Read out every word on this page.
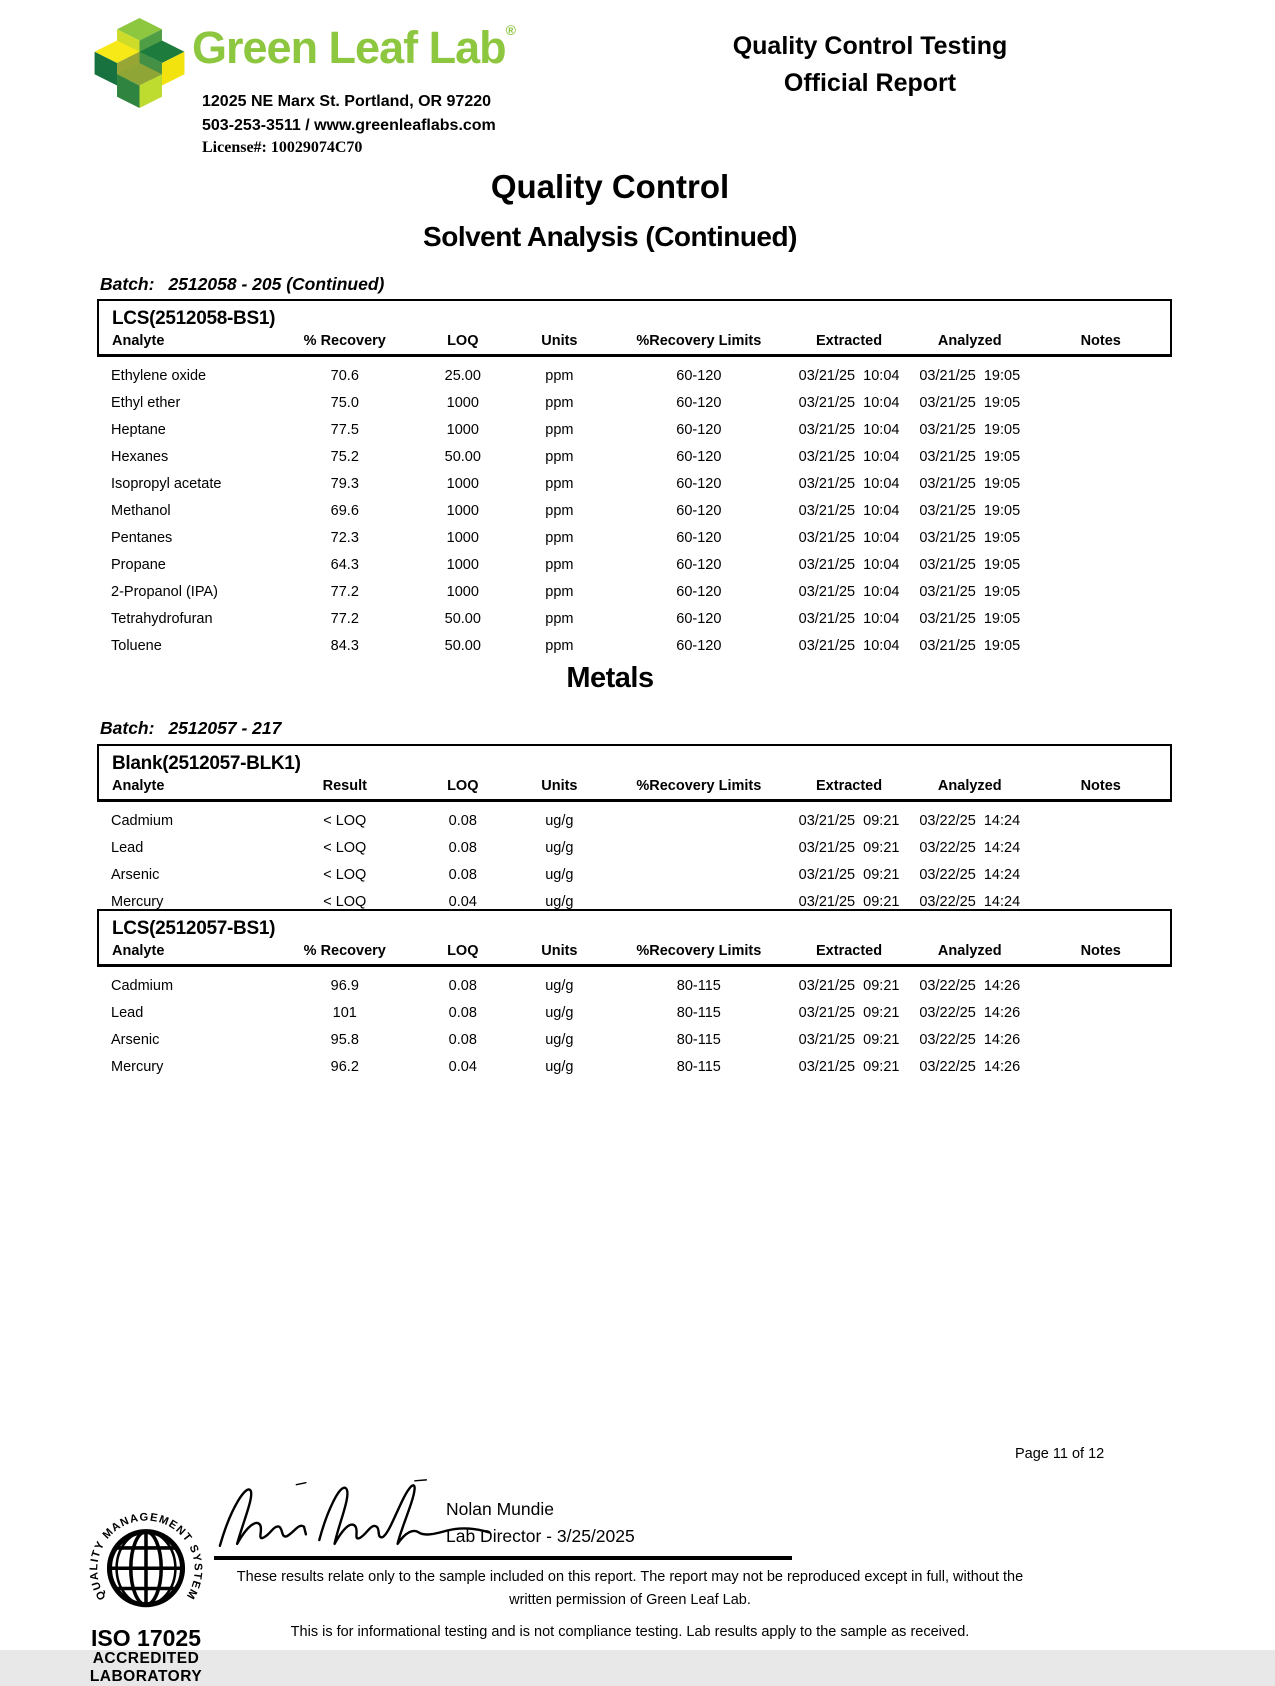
Green Leaf Lab®
12025 NE Marx St. Portland, OR 97220
503-253-3511 / www.greenleaflabs.com
License#: 10029074C70
Quality Control Testing
Official Report
Quality Control
Solvent Analysis (Continued)
Batch: 2512058 - 205 (Continued)
LCS(2512058-BS1)							
Analyte	% Recovery	LOQ	Units	%Recovery Limits	Extracted	Analyzed	Notes
Ethylene oxide	70.6	25.00	ppm	60-120	03/21/25  10:04	03/21/25  19:05	
Ethyl ether	75.0	1000	ppm	60-120	03/21/25  10:04	03/21/25  19:05	
Heptane	77.5	1000	ppm	60-120	03/21/25  10:04	03/21/25  19:05	
Hexanes	75.2	50.00	ppm	60-120	03/21/25  10:04	03/21/25  19:05	
Isopropyl acetate	79.3	1000	ppm	60-120	03/21/25  10:04	03/21/25  19:05	
Methanol	69.6	1000	ppm	60-120	03/21/25  10:04	03/21/25  19:05	
Pentanes	72.3	1000	ppm	60-120	03/21/25  10:04	03/21/25  19:05	
Propane	64.3	1000	ppm	60-120	03/21/25  10:04	03/21/25  19:05	
2-Propanol (IPA)	77.2	1000	ppm	60-120	03/21/25  10:04	03/21/25  19:05	
Tetrahydrofuran	77.2	50.00	ppm	60-120	03/21/25  10:04	03/21/25  19:05	
Toluene	84.3	50.00	ppm	60-120	03/21/25  10:04	03/21/25  19:05	
Metals
Batch: 2512057 - 217
Blank(2512057-BLK1)							
Analyte	Result	LOQ	Units	%Recovery Limits	Extracted	Analyzed	Notes
Cadmium	< LOQ	0.08	ug/g		03/21/25  09:21	03/22/25  14:24	
Lead	< LOQ	0.08	ug/g		03/21/25  09:21	03/22/25  14:24	
Arsenic	< LOQ	0.08	ug/g		03/21/25  09:21	03/22/25  14:24	
Mercury	< LOQ	0.04	ug/g		03/21/25  09:21	03/22/25  14:24	
LCS(2512057-BS1)							
Analyte	% Recovery	LOQ	Units	%Recovery Limits	Extracted	Analyzed	Notes
Cadmium	96.9	0.08	ug/g	80-115	03/21/25  09:21	03/22/25  14:26	
Lead	101	0.08	ug/g	80-115	03/21/25  09:21	03/22/25  14:26	
Arsenic	95.8	0.08	ug/g	80-115	03/21/25  09:21	03/22/25  14:26	
Mercury	96.2	0.04	ug/g	80-115	03/21/25  09:21	03/22/25  14:26	
QUALITY MANAGEMENT SYSTEM
ISO 17025
ACCREDITED
LABORATORY
Nolan Mundie
Lab Director - 3/25/2025
These results relate only to the sample included on this report. The report may not be reproduced except in full, without the written permission of Green Leaf Lab.
This is for informational testing and is not compliance testing. Lab results apply to the sample as received.
Page 11 of 12
